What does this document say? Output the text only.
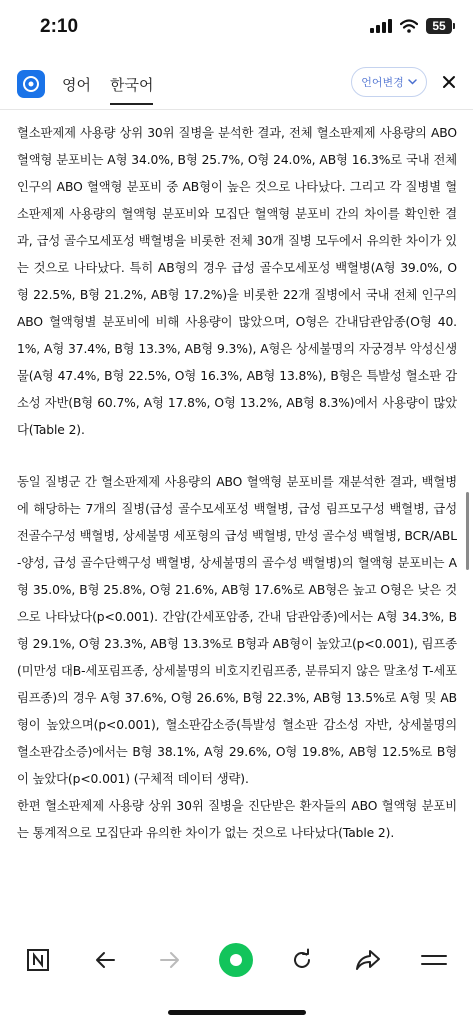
2:10	55
영어 한국어	언어변경

혈소판제제 사용량 상위 30위 질병을 분석한 결과, 전체 혈소판제제 사용량의 ABO 혈액형 분포비는 A형 34.0%, B형 25.7%, O형 24.0%, AB형 16.3%로 국내 전체 인구의 ABO 혈액형 분포비 중 AB형이 높은 것으로 나타났다. 그리고 각 질병별 혈소판제제 사용량의 혈액형 분포비와 모집단 혈액형 분포비 간의 차이를 확인한 결과, 급성 골수모세포성 백혈병을 비롯한 전체 30개 질병 모두에서 유의한 차이가 있는 것으로 나타났다. 특히 AB형의 경우 급성 골수모세포성 백혈병(A형 39.0%, O형 22.5%, B형 21.2%, AB형 17.2%)을 비롯한 22개 질병에서 국내 전체 인구의 ABO 혈액형별 분포비에 비해 사용량이 많았으며, O형은 간내담관암종(O형 40.1%, A형 37.4%, B형 13.3%, AB형 9.3%), A형은 상세불명의 자궁경부 악성신생물(A형 47.4%, B형 22.5%, O형 16.3%, AB형 13.8%), B형은 특발성 혈소판 감소성 자반(B형 60.7%, A형 17.8%, O형 13.2%, AB형 8.3%)에서 사용량이 많았다(Table 2).

동일 질병군 간 혈소판제제 사용량의 ABO 혈액형 분포비를 재분석한 결과, 백혈병에 해당하는 7개의 질병(급성 골수모세포성 백혈병, 급성 림프모구성 백혈병, 급성 전골수구성 백혈병, 상세불명 세포형의 급성 백혈병, 만성 골수성 백혈병, BCR/ABL-양성, 급성 골수단핵구성 백혈병, 상세불명의 골수성 백혈병)의 혈액형 분포비는 A형 35.0%, B형 25.8%, O형 21.6%, AB형 17.6%로 AB형은 높고 O형은 낮은 것으로 나타났다(p<0.001). 간암(간세포암종, 간내 담관암종)에서는 A형 34.3%, B형 29.1%, O형 23.3%, AB형 13.3%로 B형과 AB형이 높았고(p<0.001), 림프종(미만성 대B-세포림프종, 상세불명의 비호지킨림프종, 분류되지 않은 말초성 T-세포림프종)의 경우 A형 37.6%, O형 26.6%, B형 22.3%, AB형 13.5%로 A형 및 AB형이 높았으며(p<0.001), 혈소판감소증(특발성 혈소판 감소성 자반, 상세불명의 혈소판감소증)에서는 B형 38.1%, A형 29.6%, O형 19.8%, AB형 12.5%로 B형이 높았다(p<0.001) (구체적 데이터 생략).

한편 혈소판제제 사용량 상위 30위 질병을 진단받은 환자들의 ABO 혈액형 분포비는 통계적으로 모집단과 유의한 차이가 없는 것으로 나타났다(Table 2).
